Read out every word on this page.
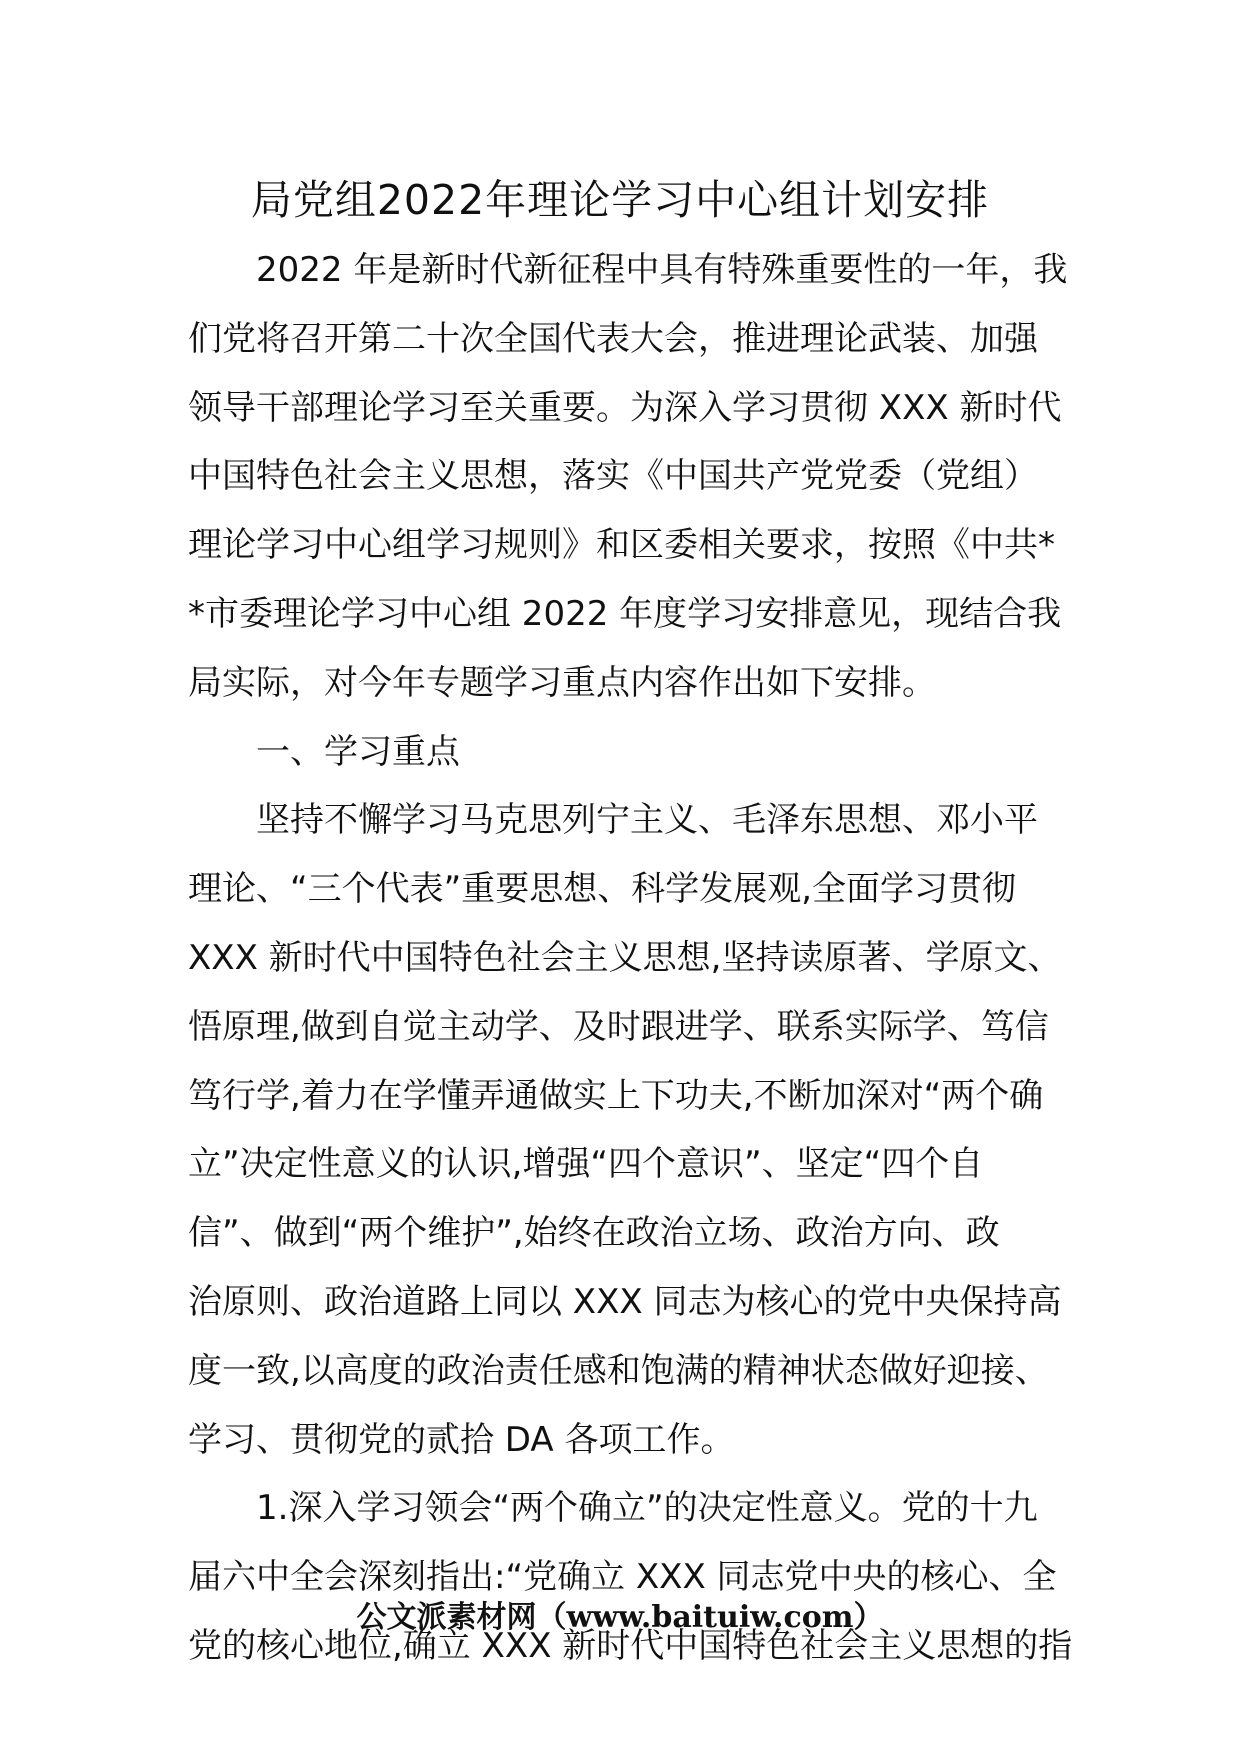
局党组2022年理论学习中心组计划安排
2022 年是新时代新征程中具有特殊重要性的一年，我
们党将召开第二十次全国代表大会，推进理论武装、加强
领导干部理论学习至关重要。为深入学习贯彻 XXX 新时代
中国特色社会主义思想，落实《中国共产党党委（党组）
理论学习中心组学习规则》和区委相关要求，按照《中共*
*市委理论学习中心组 2022 年度学习安排意见，现结合我
局实际，对今年专题学习重点内容作出如下安排。
一、学习重点
坚持不懈学习马克思列宁主义、毛泽东思想、邓小平
理论、“三个代表”重要思想、科学发展观,全面学习贯彻
XXX 新时代中国特色社会主义思想,坚持读原著、学原文、
悟原理,做到自觉主动学、及时跟进学、联系实际学、笃信
笃行学,着力在学懂弄通做实上下功夫,不断加深对“两个确
立”决定性意义的认识,增强“四个意识”、坚定“四个自
信”、做到“两个维护”,始终在政治立场、政治方向、政
治原则、政治道路上同以 XXX 同志为核心的党中央保持高
度一致,以高度的政治责任感和饱满的精神状态做好迎接、
学习、贯彻党的贰拾 DA 各项工作。
1.深入学习领会“两个确立”的决定性意义。党的十九
届六中全会深刻指出:“党确立 XXX 同志党中央的核心、全
党的核心地位,确立 XXX 新时代中国特色社会主义思想的指
公文派素材网（www.baituiw.com）
